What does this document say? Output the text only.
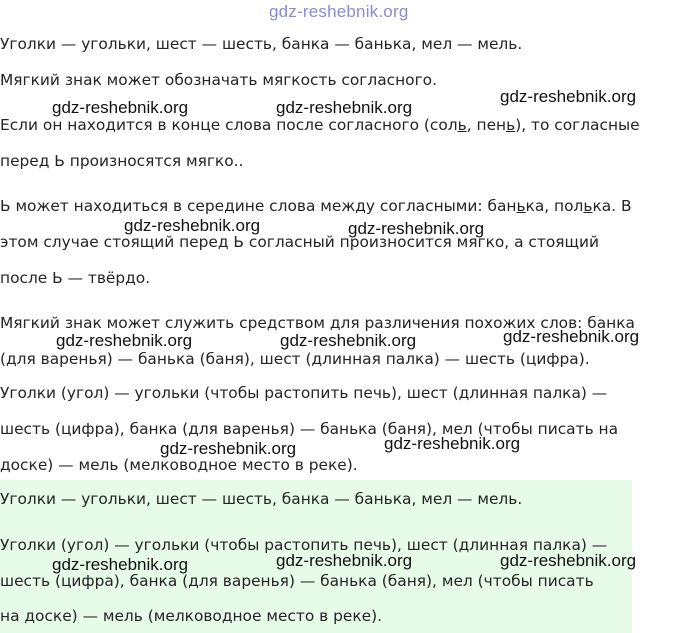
gdz-reshebnik.org

Уголки — угольки, шест — шесть, банка — банька, мел — мель.

Мягкий знак может обозначать мягкость согласного.

Если он находится в конце слова после согласного (соль, пень), то согласные

перед Ь произносятся мягко..

Ь может находиться в середине слова между согласными: банька, полька. В

этом случае стоящий перед Ь согласный произносится мягко, а стоящий

после Ь — твёрдо.

Мягкий знак может служить средством для различения похожих слов: банка

(для варенья) — банька (баня), шест (длинная палка) — шесть (цифра).

Уголки (угол) — угольки (чтобы растопить печь), шест (длинная палка) —

шесть (цифра), банка (для варенья) — банька (баня), мел (чтобы писать на

доске) — мель (мелководное место в реке).

Уголки — угольки, шест — шесть, банка — банька, мел — мель.

Уголки (угол) — угольки (чтобы растопить печь), шест (длинная палка) —

шесть (цифра), банка (для варенья) — банька (баня), мел (чтобы писать

на доске) — мель (мелководное место в реке).

gdz-reshebnik.org	gdz-reshebnik.org
gdz-reshebnik.org
gdz-reshebnik.org	gdz-reshebnik.org
gdz-reshebnik.org	gdz-reshebnik.org	gdz-reshebnik.org
gdz-reshebnik.org	gdz-reshebnik.org
gdz-reshebnik.org	gdz-reshebnik.org	gdz-reshebnik.org
